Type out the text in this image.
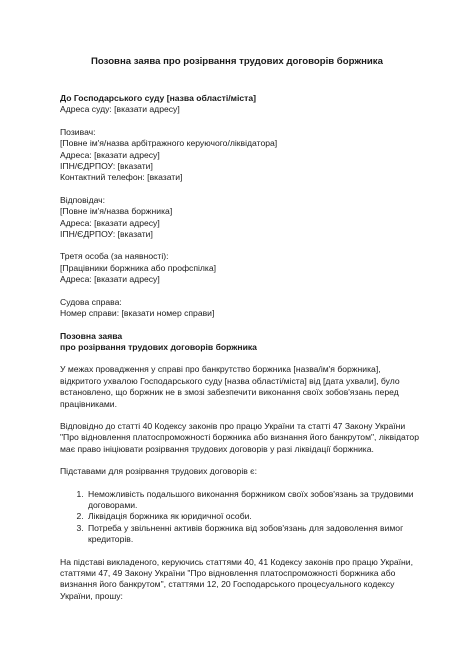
Позовна заява про розірвання трудових договорів боржника
До Господарського суду [назва області/міста]
Адреса суду: [вказати адресу]
Позивач:
[Повне ім'я/назва арбітражного керуючого/ліквідатора]
Адреса: [вказати адресу]
ІПН/ЄДРПОУ: [вказати]
Контактний телефон: [вказати]
Відповідач:
[Повне ім'я/назва боржника]
Адреса: [вказати адресу]
ІПН/ЄДРПОУ: [вказати]
Третя особа (за наявності):
[Працівники боржника або профспілка]
Адреса: [вказати адресу]
Судова справа:
Номер справи: [вказати номер справи]
Позовна заява
про розірвання трудових договорів боржника

У межах провадження у справі про банкрутство боржника [назва/ім'я боржника], відкритого ухвалою Господарського суду [назва області/міста] від [дата ухвали], було встановлено, що боржник не в змозі забезпечити виконання своїх зобов'язань перед працівниками.

Відповідно до статті 40 Кодексу законів про працю України та статті 47 Закону України "Про відновлення платоспроможності боржника або визнання його банкрутом", ліквідатор має право ініціювати розірвання трудових договорів у разі ліквідації боржника.

Підставами для розірвання трудових договорів є:

1. Неможливість подальшого виконання боржником своїх зобов'язань за трудовими договорами.
2. Ліквідація боржника як юридичної особи.
3. Потреба у звільненні активів боржника від зобов'язань для задоволення вимог кредиторів.

На підставі викладеного, керуючись статтями 40, 41 Кодексу законів про працю України, статтями 47, 49 Закону України "Про відновлення платоспроможності боржника або визнання його банкрутом", статтями 12, 20 Господарського процесуального кодексу України, прошу:
